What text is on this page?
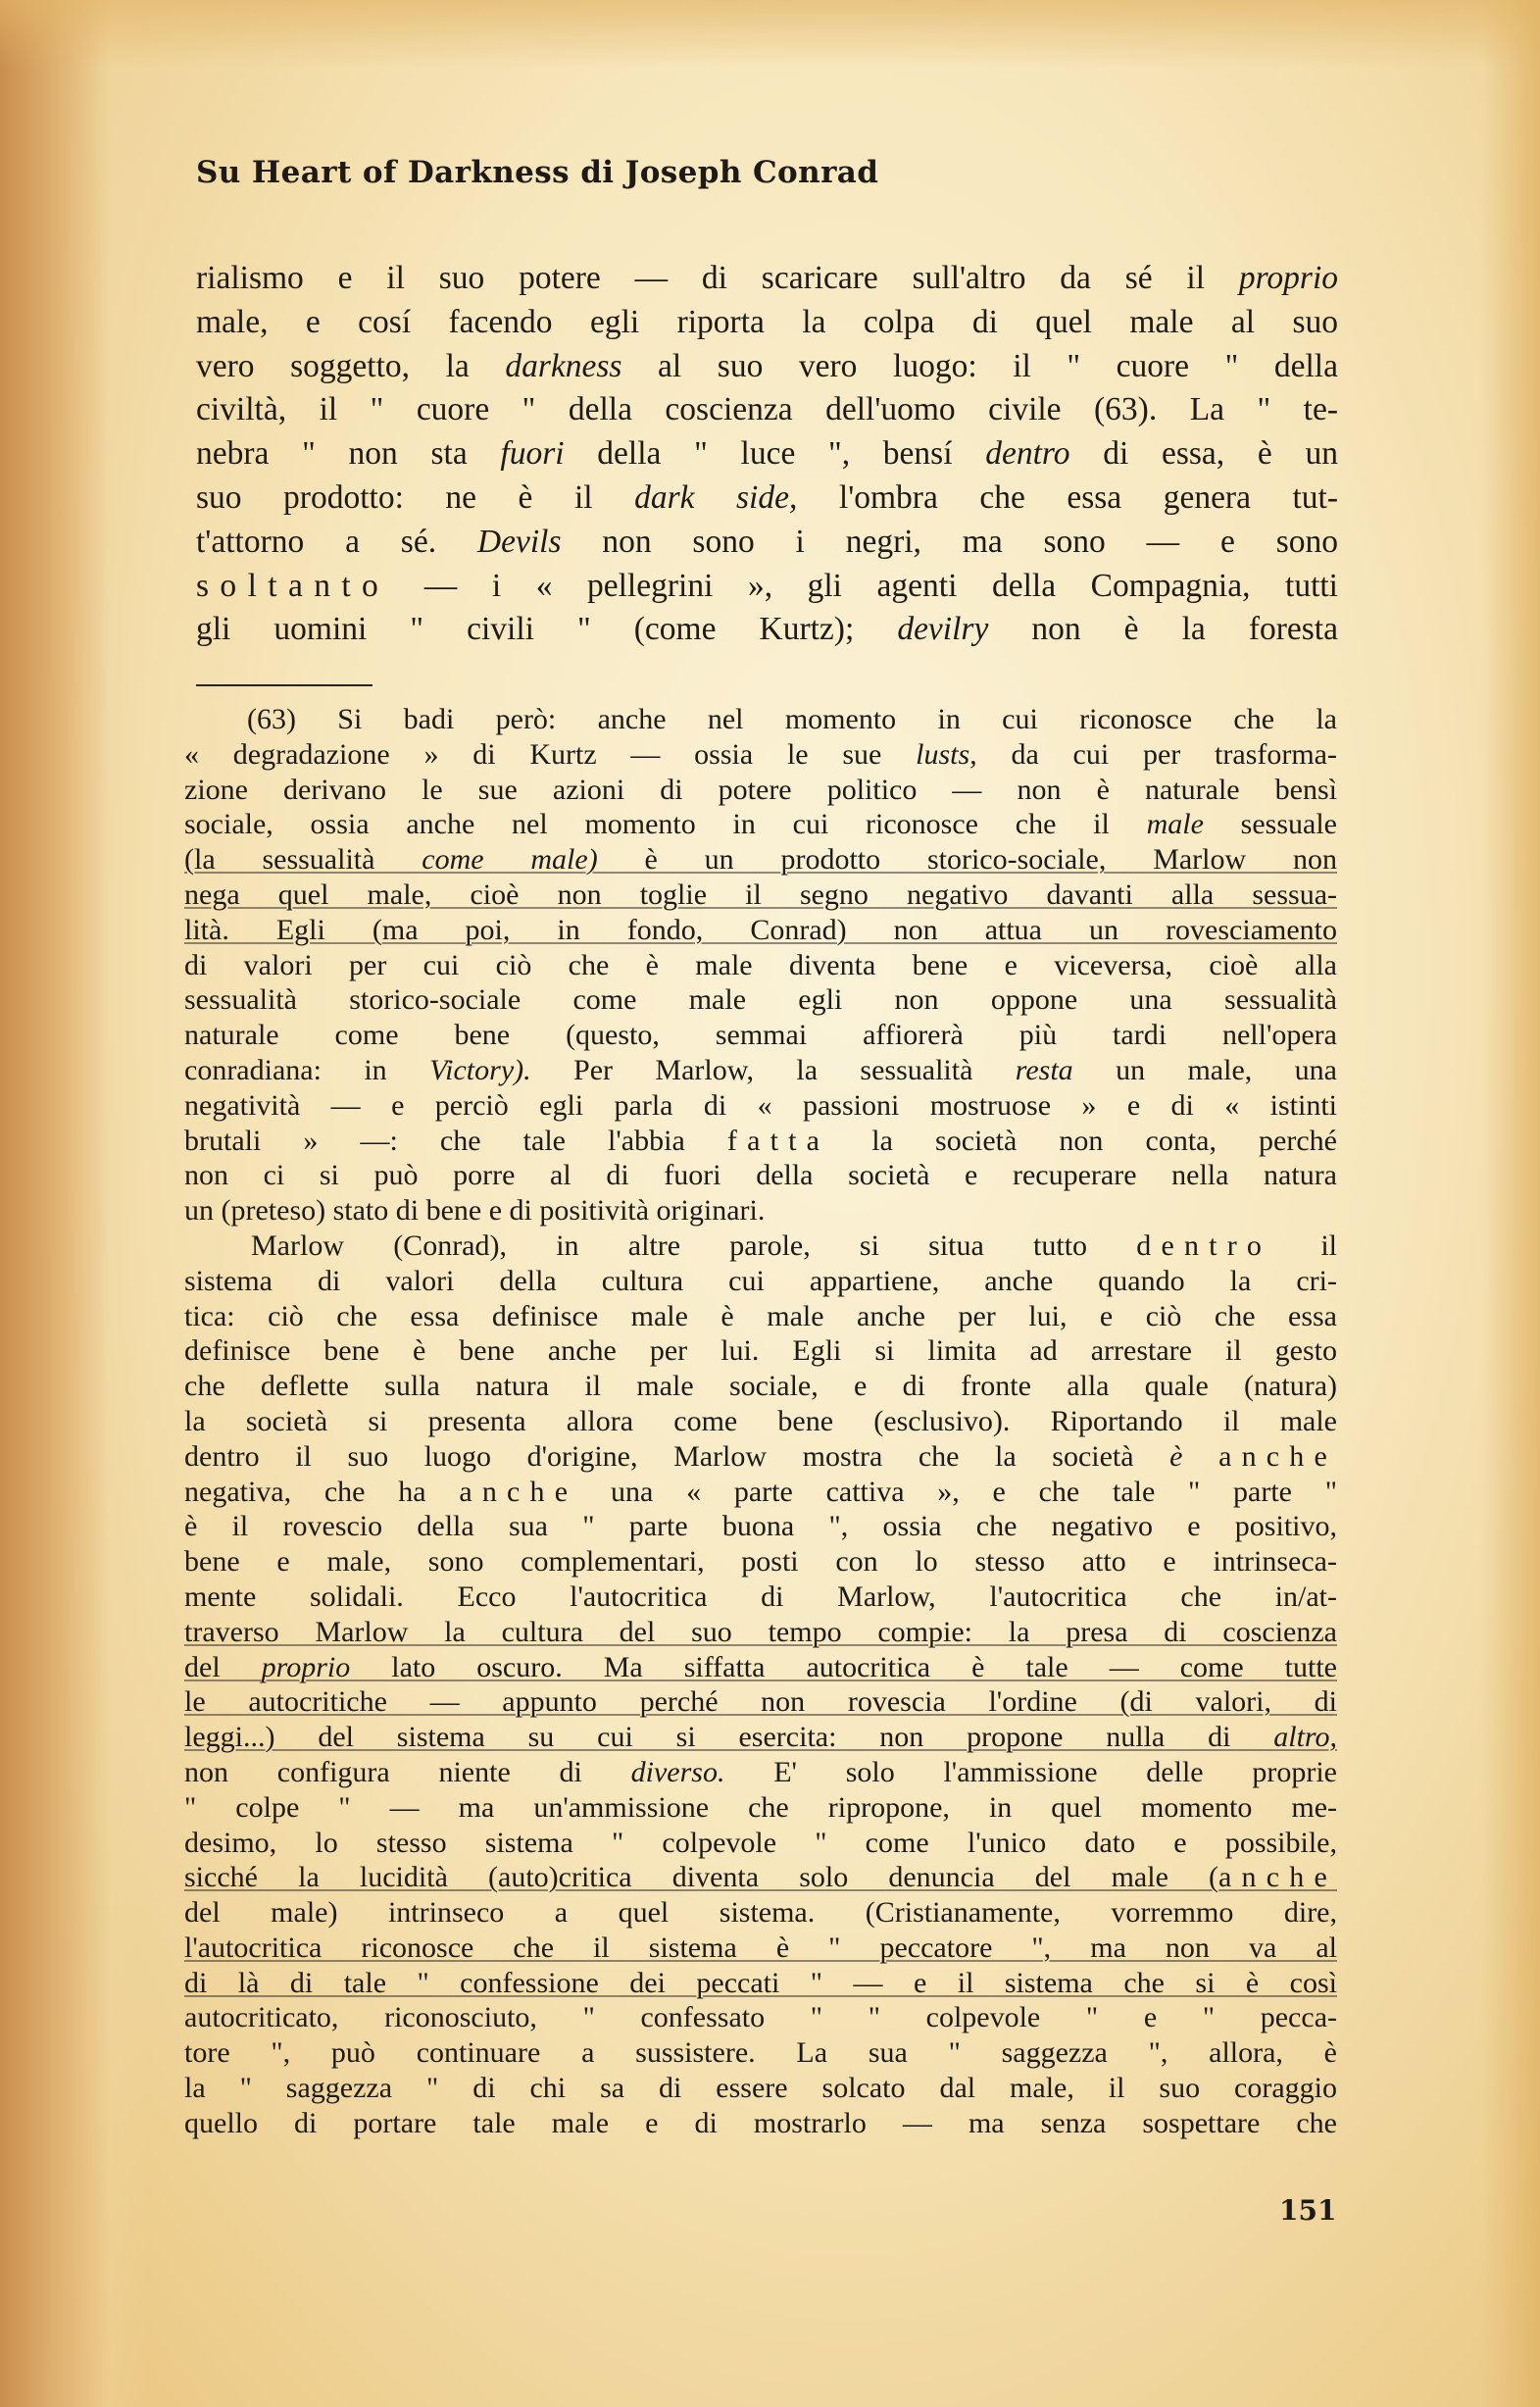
Su Heart of Darkness di Joseph Conrad
rialismo e il suo potere — di scaricare sull'altro da sé il proprio
male, e cosí facendo egli riporta la colpa di quel male al suo
vero soggetto, la darkness al suo vero luogo: il " cuore " della
civiltà, il " cuore " della coscienza dell'uomo civile (63). La " te-
nebra " non sta fuori della " luce ", bensí dentro di essa, è un
suo prodotto: ne è il dark side, l'ombra che essa genera tut-
t'attorno a sé. Devils non sono i negri, ma sono — e sono
soltanto — i « pellegrini », gli agenti della Compagnia, tutti
gli uomini " civili " (come Kurtz); devilry non è la foresta
(63) Si badi però: anche nel momento in cui riconosce che la
« degradazione » di Kurtz — ossia le sue lusts, da cui per trasforma-
zione derivano le sue azioni di potere politico — non è naturale bensì
sociale, ossia anche nel momento in cui riconosce che il male sessuale
(la sessualità come male) è un prodotto storico-sociale, Marlow non
nega quel male, cioè non toglie il segno negativo davanti alla sessua-
lità. Egli (ma poi, in fondo, Conrad) non attua un rovesciamento
di valori per cui ciò che è male diventa bene e viceversa, cioè alla
sessualità storico-sociale come male egli non oppone una sessualità
naturale come bene (questo, semmai affiorerà più tardi nell'opera
conradiana: in Victory). Per Marlow, la sessualità resta un male, una
negatività — e perciò egli parla di « passioni mostruose » e di « istinti
brutali » —: che tale l'abbia fatta la società non conta, perché
non ci si può porre al di fuori della società e recuperare nella natura
un (preteso) stato di bene e di positività originari.
Marlow (Conrad), in altre parole, si situa tutto dentro il
sistema di valori della cultura cui appartiene, anche quando la cri-
tica: ciò che essa definisce male è male anche per lui, e ciò che essa
definisce bene è bene anche per lui. Egli si limita ad arrestare il gesto
che deflette sulla natura il male sociale, e di fronte alla quale (natura)
la società si presenta allora come bene (esclusivo). Riportando il male
dentro il suo luogo d'origine, Marlow mostra che la società è anche
negativa, che ha anche una « parte cattiva », e che tale " parte "
è il rovescio della sua " parte buona ", ossia che negativo e positivo,
bene e male, sono complementari, posti con lo stesso atto e intrinseca-
mente solidali. Ecco l'autocritica di Marlow, l'autocritica che in/at-
traverso Marlow la cultura del suo tempo compie: la presa di coscienza
del proprio lato oscuro. Ma siffatta autocritica è tale — come tutte
le autocritiche — appunto perché non rovescia l'ordine (di valori, di
leggi...) del sistema su cui si esercita: non propone nulla di altro,
non configura niente di diverso. E' solo l'ammissione delle proprie
" colpe " — ma un'ammissione che ripropone, in quel momento me-
desimo, lo stesso sistema " colpevole " come l'unico dato e possibile,
sicché la lucidità (auto)critica diventa solo denuncia del male (anche
del male) intrinseco a quel sistema. (Cristianamente, vorremmo dire,
l'autocritica riconosce che il sistema è " peccatore ", ma non va al
di là di tale " confessione dei peccati " — e il sistema che si è così
autocriticato, riconosciuto, " confessato " " colpevole " e " pecca-
tore ", può continuare a sussistere. La sua " saggezza ", allora, è
la " saggezza " di chi sa di essere solcato dal male, il suo coraggio
quello di portare tale male e di mostrarlo — ma senza sospettare che
151
